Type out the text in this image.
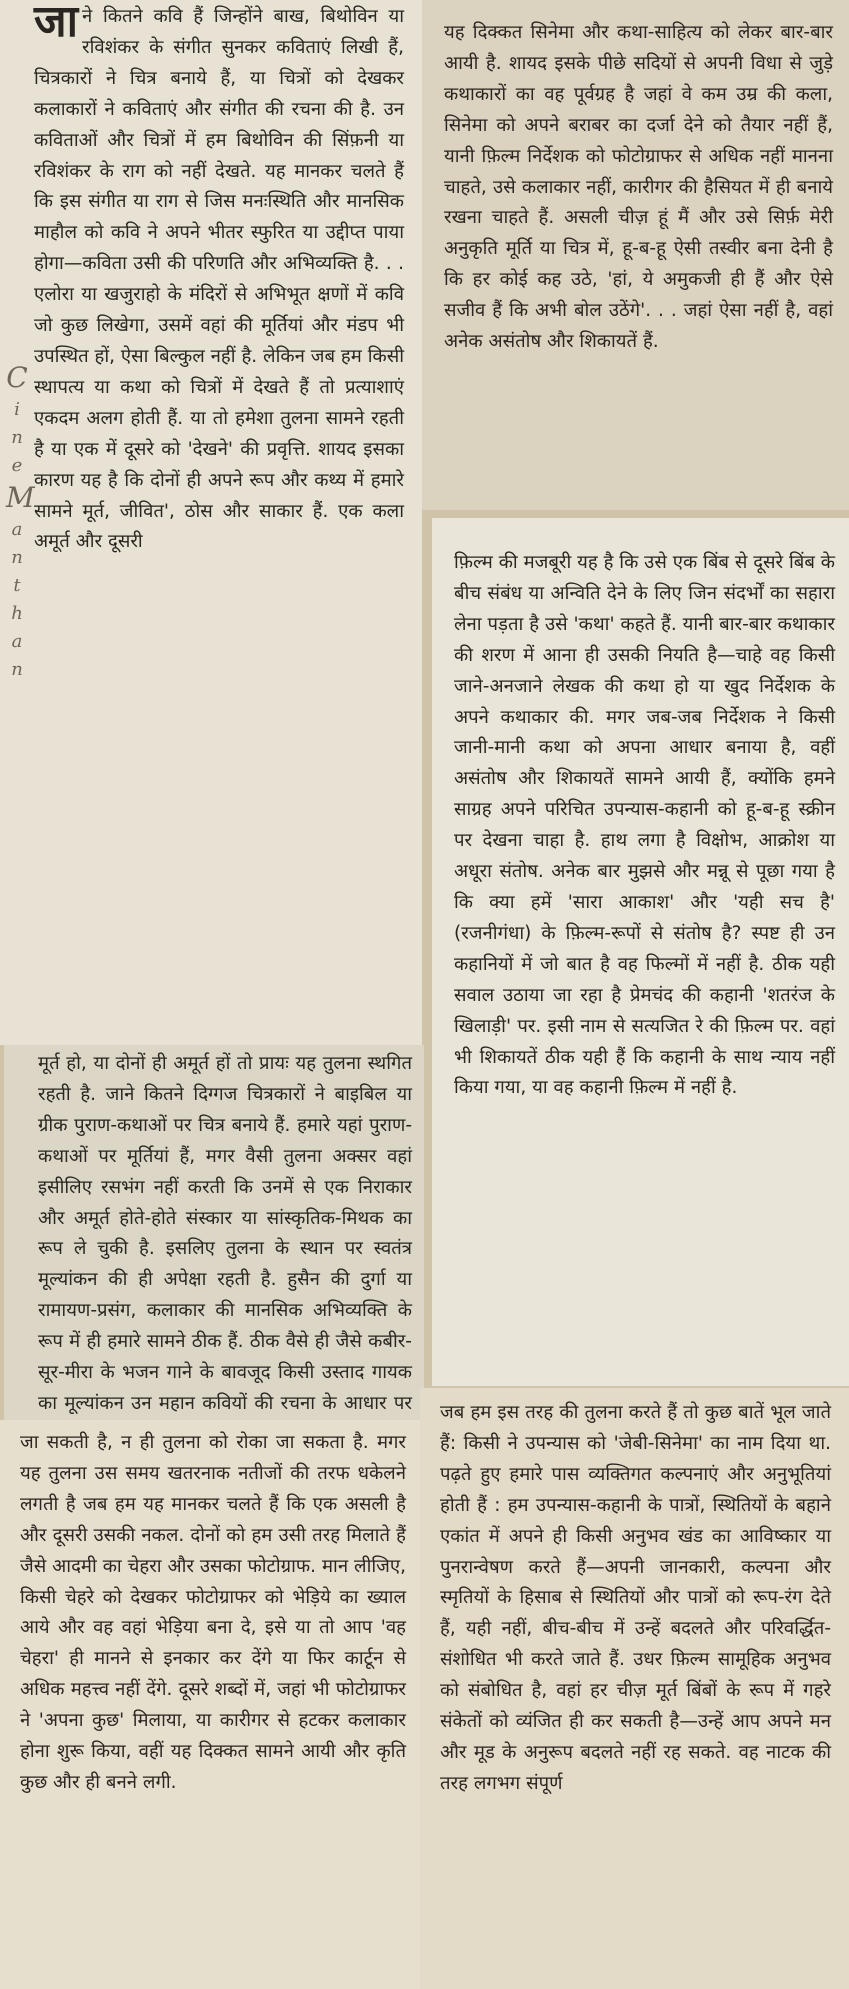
जा ने कितने कवि हैं जिन्होंने बाख, बिथोविन या रविशंकर के संगीत सुनकर कविताएं लिखी हैं, चित्रकारों ने चित्र बनाये हैं, या चित्रों को देखकर कलाकारों ने कविताएं और संगीत की रचना की है. उन कविताओं और चित्रों में हम बिथोविन की सिंफ़नी या रविशंकर के राग को नहीं देखते. यह मानकर चलते हैं कि इस संगीत या राग से जिस मनःस्थिति और मानसिक माहौल को कवि ने अपने भीतर स्फुरित या उद्दीप्त पाया होगा—कविता उसी की परिणति और अभिव्यक्ति है. . . एलोरा या खजुराहो के मंदिरों से अभिभूत क्षणों में कवि जो कुछ लिखेगा, उसमें वहां की मूर्तियां और मंडप भी उपस्थित हों, ऐसा बिल्कुल नहीं है. लेकिन जब हम किसी स्थापत्य या कथा को चित्रों में देखते हैं तो प्रत्याशाएं एकदम अलग होती हैं. या तो हमेशा तुलना सामने रहती है या एक में दूसरे को 'देखने' की प्रवृत्ति. शायद इसका कारण यह है कि दोनों ही अपने रूप और कथ्य में हमारे सामने मूर्त, जीवित', ठोस और साकार हैं. एक कला अमूर्त और दूसरी

C
i
n
e
M
a
n
t
h
a
n

मूर्त हो, या दोनों ही अमूर्त हों तो प्रायः यह तुलना स्थगित रहती है. जाने कितने दिग्गज चित्रकारों ने बाइबिल या ग्रीक पुराण-कथाओं पर चित्र बनाये हैं. हमारे यहां पुराण-कथाओं पर मूर्तियां हैं, मगर वैसी तुलना अक्सर वहां इसीलिए रसभंग नहीं करती कि उनमें से एक निराकार और अमूर्त होते-होते संस्कार या सांस्कृतिक-मिथक का रूप ले चुकी है. इसलिए तुलना के स्थान पर स्वतंत्र मूल्यांकन की ही अपेक्षा रहती है. हुसैन की दुर्गा या रामायण-प्रसंग, कलाकार की मानसिक अभिव्यक्ति के रूप में ही हमारे सामने ठीक हैं. ठीक वैसे ही जैसे कबीर-सूर-मीरा के भजन गाने के बावजूद किसी उस्ताद गायक का मूल्यांकन उन महान कवियों की रचना के आधार पर

जा सकती है, न ही तुलना को रोका जा सकता है. मगर यह तुलना उस समय खतरनाक नतीजों की तरफ धकेलने लगती है जब हम यह मानकर चलते हैं कि एक असली है और दूसरी उसकी नकल. दोनों को हम उसी तरह मिलाते हैं जैसे आदमी का चेहरा और उसका फोटोग्राफ. मान लीजिए, किसी चेहरे को देखकर फोटोग्राफर को भेड़िये का ख्याल आये और वह वहां भेड़िया बना दे, इसे या तो आप 'वह चेहरा' ही मानने से इनकार कर देंगे या फिर कार्टून से अधिक महत्त्व नहीं देंगे. दूसरे शब्दों में, जहां भी फोटोग्राफर ने 'अपना कुछ' मिलाया, या कारीगर से हटकर कलाकार होना शुरू किया, वहीं यह दिक्कत सामने आयी और कृति कुछ और ही बनने लगी.

यह दिक्कत सिनेमा और कथा-साहित्य को लेकर बार-बार आयी है. शायद इसके पीछे सदियों से अपनी विधा से जुड़े कथाकारों का वह पूर्वग्रह है जहां वे कम उम्र की कला, सिनेमा को अपने बराबर का दर्जा देने को तैयार नहीं हैं, यानी फ़िल्म निर्देशक को फोटोग्राफर से अधिक नहीं मानना चाहते, उसे कलाकार नहीं, कारीगर की हैसियत में ही बनाये रखना चाहते हैं. असली चीज़ हूं मैं और उसे सिर्फ़ मेरी अनुकृति मूर्ति या चित्र में, हू-ब-हू ऐसी तस्वीर बना देनी है कि हर कोई कह उठे, 'हां, ये अमुकजी ही हैं और ऐसे सजीव हैं कि अभी बोल उठेंगे'. . . जहां ऐसा नहीं है, वहां अनेक असंतोष और शिकायतें हैं.

फ़िल्म की मजबूरी यह है कि उसे एक बिंब से दूसरे बिंब के बीच संबंध या अन्विति देने के लिए जिन संदर्भों का सहारा लेना पड़ता है उसे 'कथा' कहते हैं. यानी बार-बार कथाकार की शरण में आना ही उसकी नियति है—चाहे वह किसी जाने-अनजाने लेखक की कथा हो या खुद निर्देशक के अपने कथाकार की. मगर जब-जब निर्देशक ने किसी जानी-मानी कथा को अपना आधार बनाया है, वहीं असंतोष और शिकायतें सामने आयी हैं, क्योंकि हमने साग्रह अपने परिचित उपन्यास-कहानी को हू-ब-हू स्क्रीन पर देखना चाहा है. हाथ लगा है विक्षोभ, आक्रोश या अधूरा संतोष. अनेक बार मुझसे और मन्नू से पूछा गया है कि क्या हमें 'सारा आकाश' और 'यही सच है' (रजनीगंधा) के फ़िल्म-रूपों से संतोष है? स्पष्ट ही उन कहानियों में जो बात है वह फिल्मों में नहीं है. ठीक यही सवाल उठाया जा रहा है प्रेमचंद की कहानी 'शतरंज के खिलाड़ी' पर. इसी नाम से सत्यजित रे की फ़िल्म पर. वहां भी शिकायतें ठीक यही हैं कि कहानी के साथ न्याय नहीं किया गया, या वह कहानी फ़िल्म में नहीं है.

जब हम इस तरह की तुलना करते हैं तो कुछ बातें भूल जाते हैं: किसी ने उपन्यास को 'जेबी-सिनेमा' का नाम दिया था. पढ़ते हुए हमारे पास व्यक्तिगत कल्पनाएं और अनुभूतियां होती हैं : हम उपन्यास-कहानी के पात्रों, स्थितियों के बहाने एकांत में अपने ही किसी अनुभव खंड का आविष्कार या पुनरान्वेषण करते हैं—अपनी जानकारी, कल्पना और स्मृतियों के हिसाब से स्थितियों और पात्रों को रूप-रंग देते हैं, यही नहीं, बीच-बीच में उन्हें बदलते और परिवर्द्धित-संशोधित भी करते जाते हैं. उधर फ़िल्म सामूहिक अनुभव को संबोधित है, वहां हर चीज़ मूर्त बिंबों के रूप में गहरे संकेतों को व्यंजित ही कर सकती है—उन्हें आप अपने मन और मूड के अनुरूप बदलते नहीं रह सकते. वह नाटक की तरह लगभग संपूर्ण
